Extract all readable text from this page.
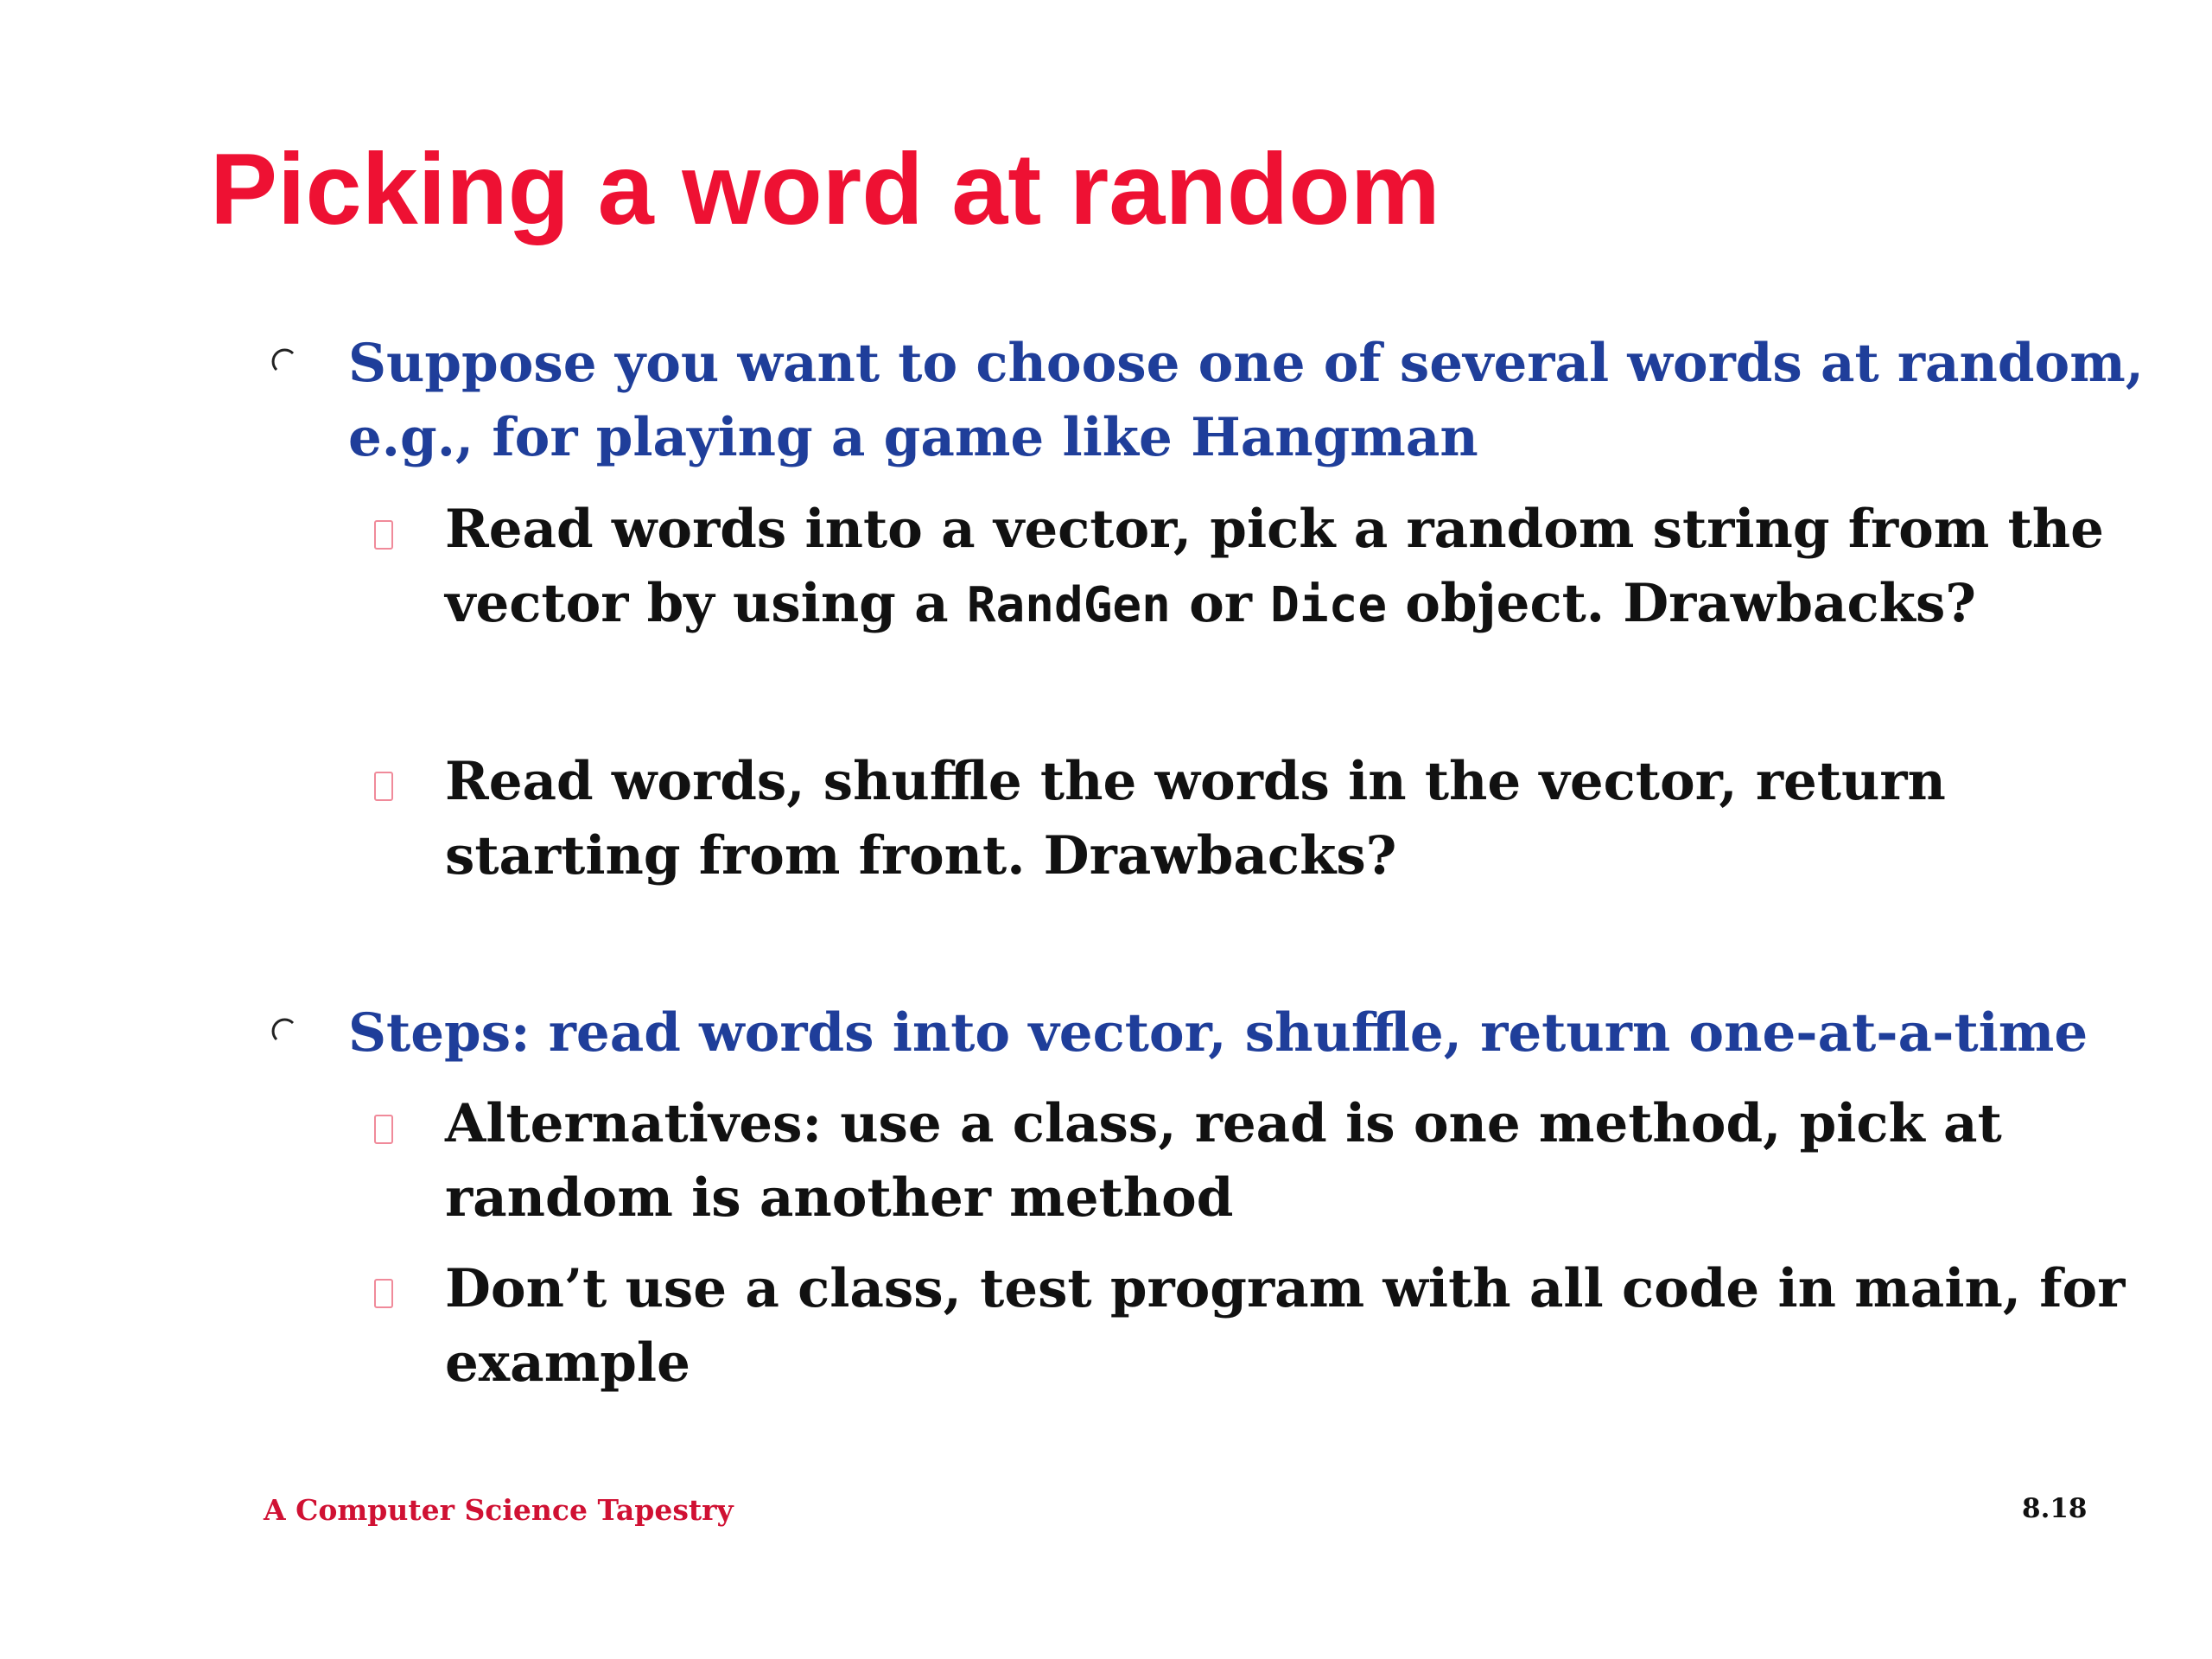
Picking a word at random
Suppose you want to choose one of several words at random, e.g., for playing a game like Hangman
Read words into a vector, pick a random string from the vector by using a RandGen or Dice object. Drawbacks?
Read words, shuffle the words in the vector, return starting from front. Drawbacks?
Steps: read words into vector, shuffle, return one-at-a-time
Alternatives: use a class, read is one method, pick at random is another method
Don’t use a class, test program with all code in main, for example
A Computer Science Tapestry	8.18
